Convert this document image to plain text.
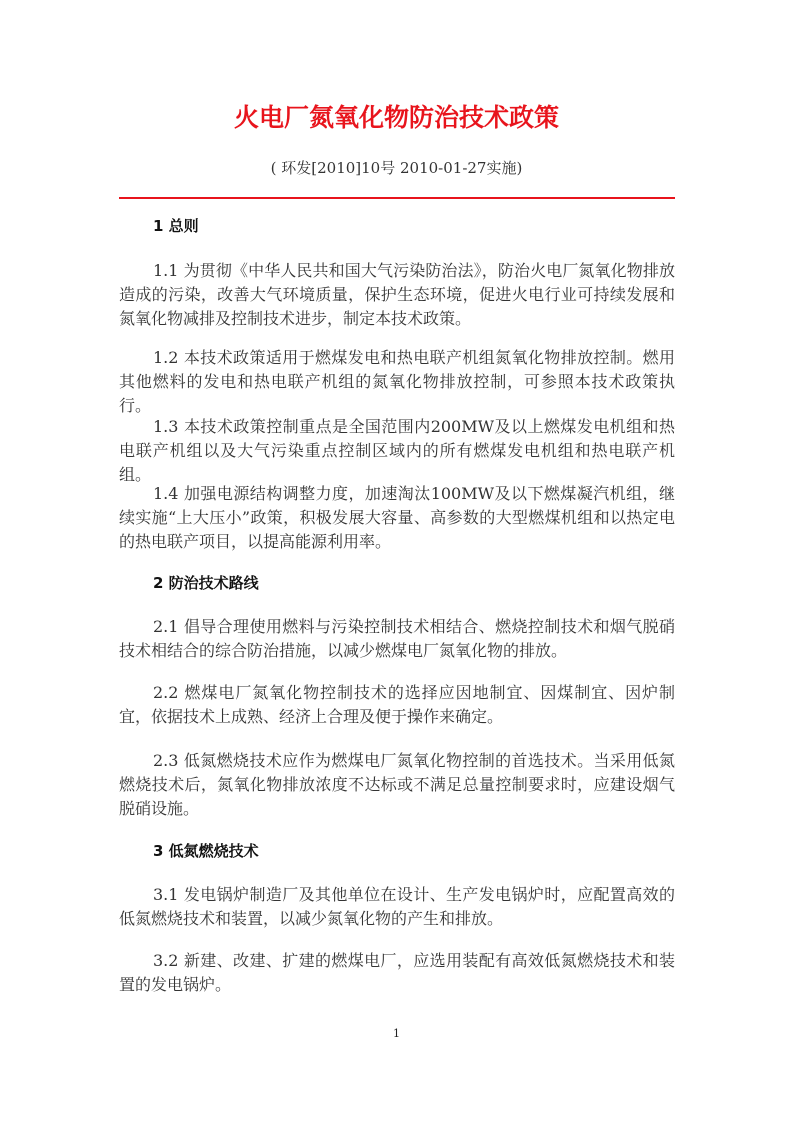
火电厂氮氧化物防治技术政策
( 环发[2010]10号 2010-01-27实施)
1 总则
1.1 为贯彻《中华人民共和国大气污染防治法》，防治火电厂氮氧化物排放造成的污染，改善大气环境质量，保护生态环境，促进火电行业可持续发展和氮氧化物减排及控制技术进步，制定本技术政策。
1.2 本技术政策适用于燃煤发电和热电联产机组氮氧化物排放控制。燃用其他燃料的发电和热电联产机组的氮氧化物排放控制，可参照本技术政策执行。
1.3 本技术政策控制重点是全国范围内200MW及以上燃煤发电机组和热电联产机组以及大气污染重点控制区域内的所有燃煤发电机组和热电联产机组。
1.4 加强电源结构调整力度，加速淘汰100MW及以下燃煤凝汽机组，继续实施“上大压小”政策，积极发展大容量、高参数的大型燃煤机组和以热定电的热电联产项目，以提高能源利用率。
2 防治技术路线
2.1 倡导合理使用燃料与污染控制技术相结合、燃烧控制技术和烟气脱硝技术相结合的综合防治措施，以减少燃煤电厂氮氧化物的排放。
2.2 燃煤电厂氮氧化物控制技术的选择应因地制宜、因煤制宜、因炉制宜，依据技术上成熟、经济上合理及便于操作来确定。
2.3 低氮燃烧技术应作为燃煤电厂氮氧化物控制的首选技术。当采用低氮燃烧技术后，氮氧化物排放浓度不达标或不满足总量控制要求时，应建设烟气脱硝设施。
3 低氮燃烧技术
3.1 发电锅炉制造厂及其他单位在设计、生产发电锅炉时，应配置高效的低氮燃烧技术和装置，以减少氮氧化物的产生和排放。
3.2 新建、改建、扩建的燃煤电厂，应选用装配有高效低氮燃烧技术和装置的发电锅炉。
1
